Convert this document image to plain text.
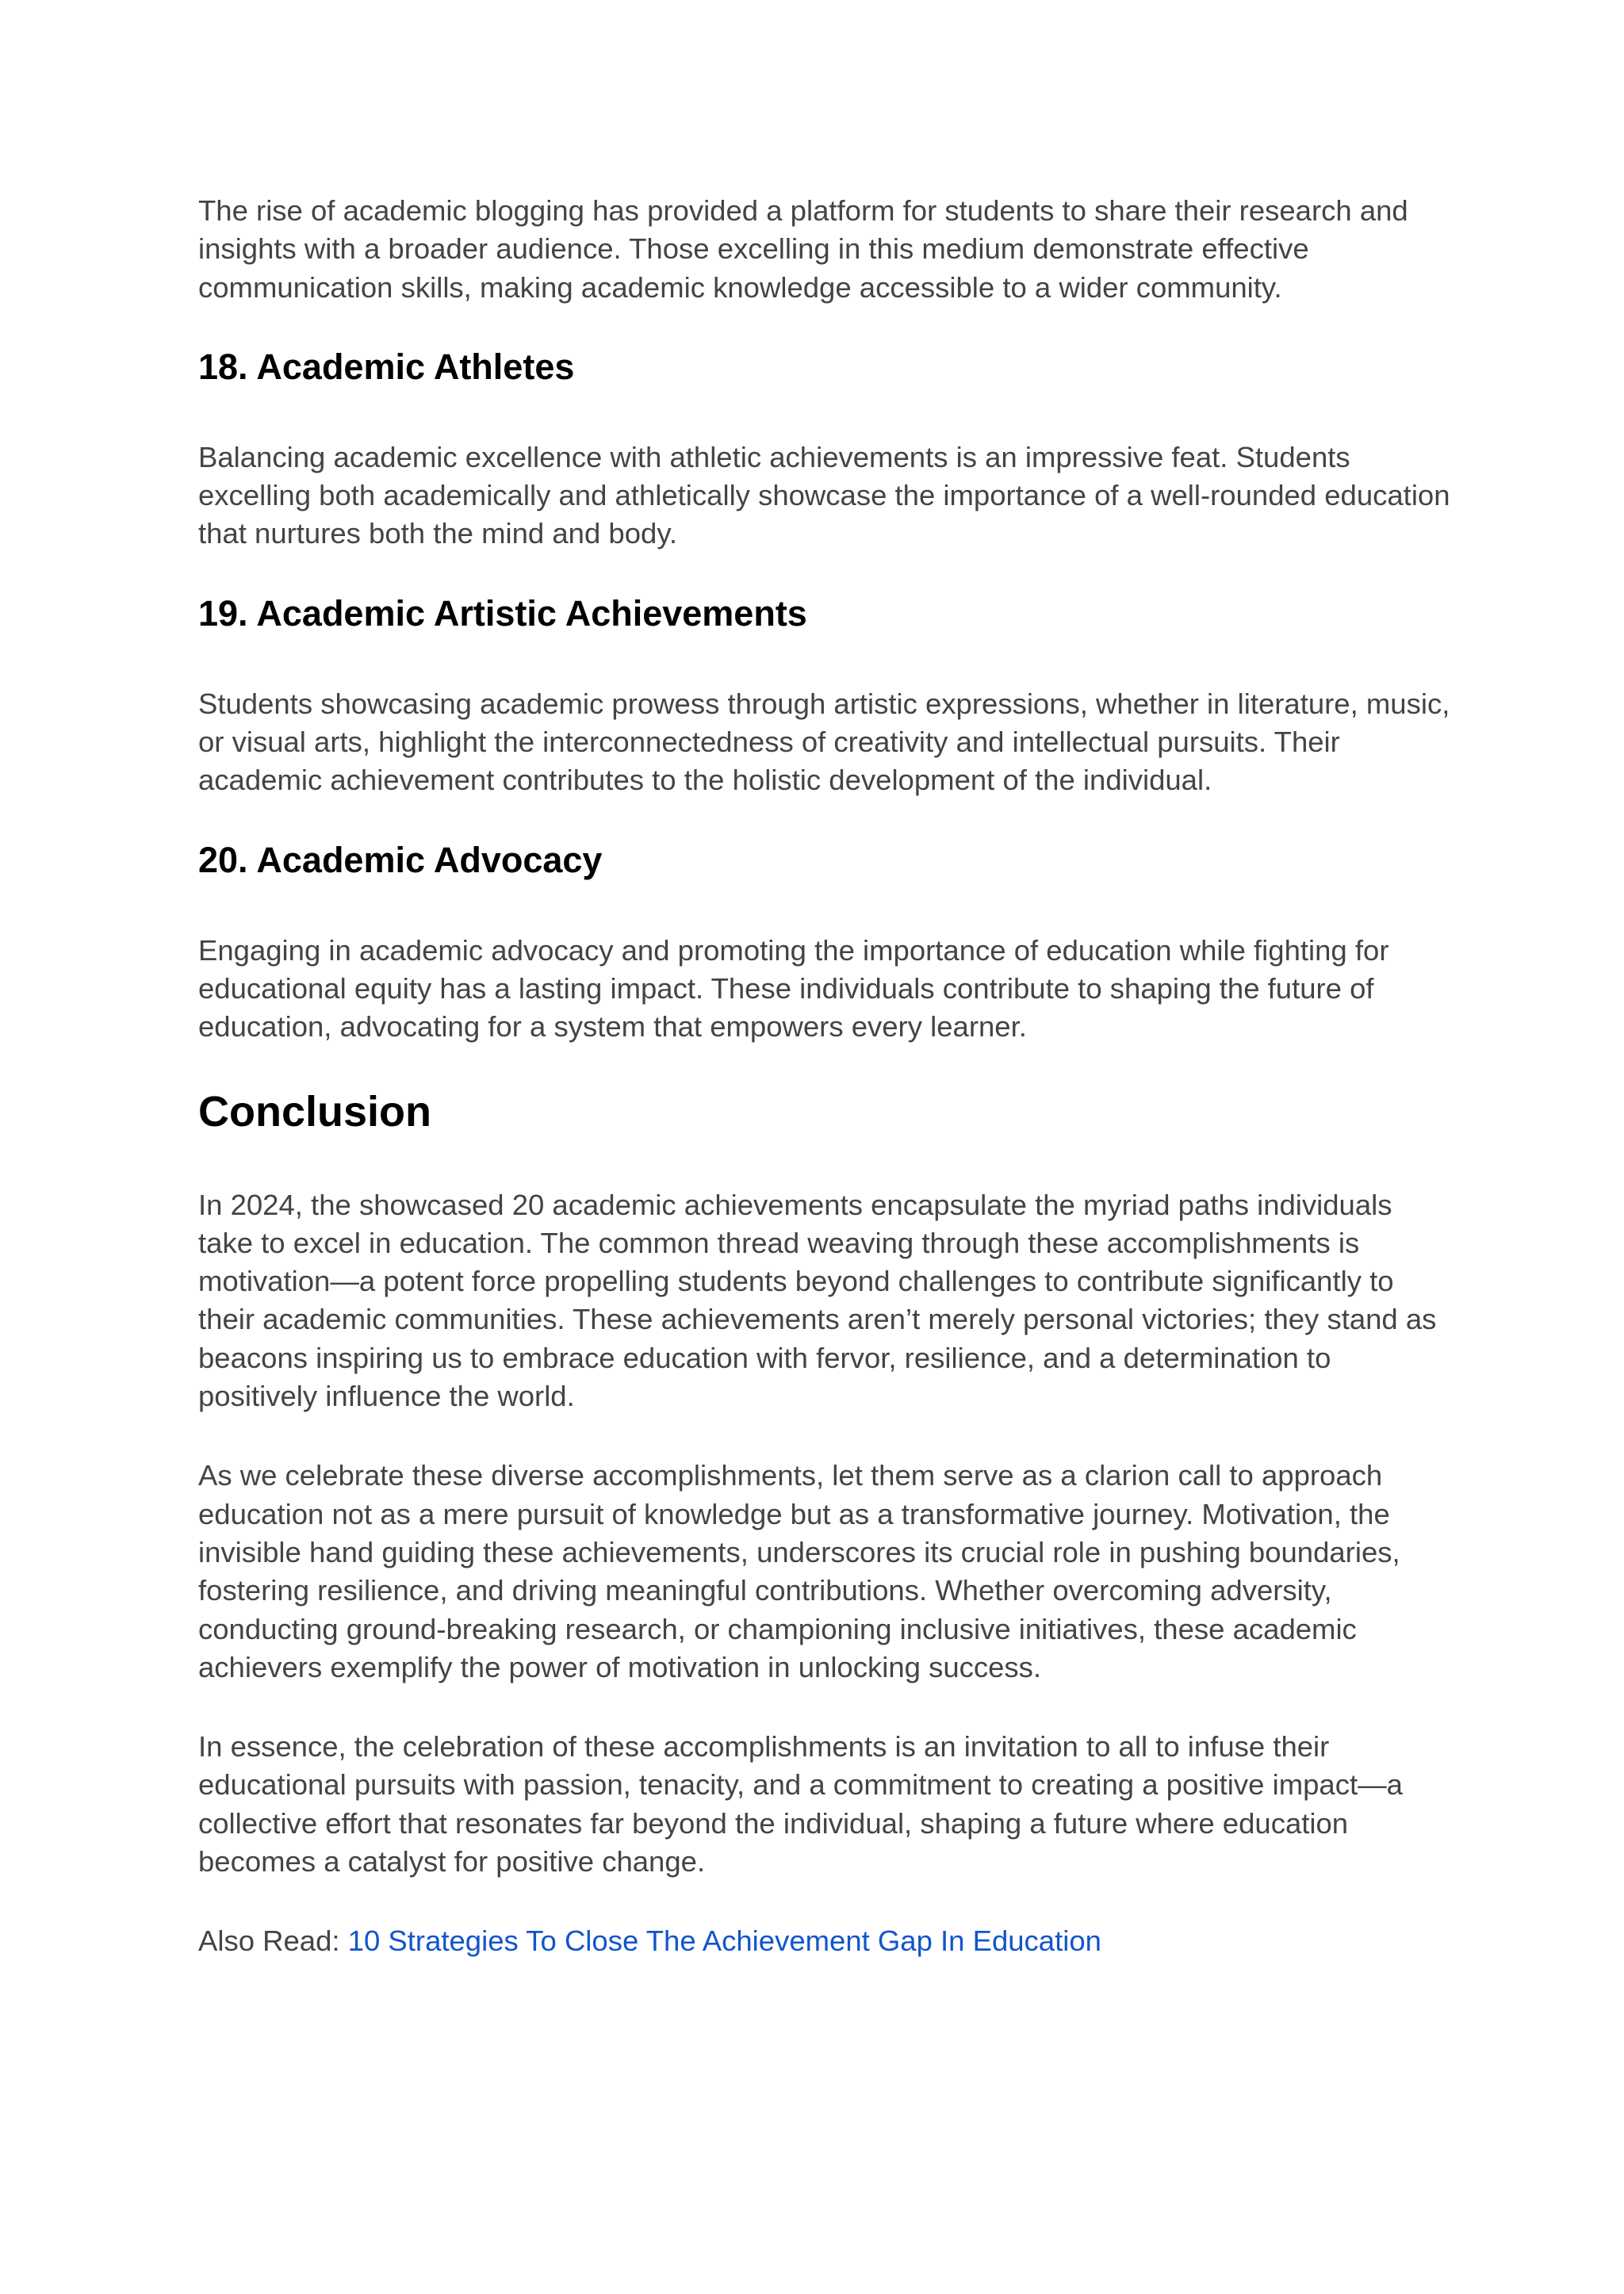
The rise of academic blogging has provided a platform for students to share their research and insights with a broader audience. Those excelling in this medium demonstrate effective communication skills, making academic knowledge accessible to a wider community.

18. Academic Athletes

Balancing academic excellence with athletic achievements is an impressive feat. Students excelling both academically and athletically showcase the importance of a well-rounded education that nurtures both the mind and body.

19. Academic Artistic Achievements

Students showcasing academic prowess through artistic expressions, whether in literature, music, or visual arts, highlight the interconnectedness of creativity and intellectual pursuits. Their academic achievement contributes to the holistic development of the individual.

20. Academic Advocacy

Engaging in academic advocacy and promoting the importance of education while fighting for educational equity has a lasting impact. These individuals contribute to shaping the future of education, advocating for a system that empowers every learner.

Conclusion

In 2024, the showcased 20 academic achievements encapsulate the myriad paths individuals take to excel in education. The common thread weaving through these accomplishments is motivation—a potent force propelling students beyond challenges to contribute significantly to their academic communities. These achievements aren’t merely personal victories; they stand as beacons inspiring us to embrace education with fervor, resilience, and a determination to positively influence the world.

As we celebrate these diverse accomplishments, let them serve as a clarion call to approach education not as a mere pursuit of knowledge but as a transformative journey. Motivation, the invisible hand guiding these achievements, underscores its crucial role in pushing boundaries, fostering resilience, and driving meaningful contributions. Whether overcoming adversity, conducting ground-breaking research, or championing inclusive initiatives, these academic achievers exemplify the power of motivation in unlocking success.

In essence, the celebration of these accomplishments is an invitation to all to infuse their educational pursuits with passion, tenacity, and a commitment to creating a positive impact—a collective effort that resonates far beyond the individual, shaping a future where education becomes a catalyst for positive change.

Also Read: 10 Strategies To Close The Achievement Gap In Education
